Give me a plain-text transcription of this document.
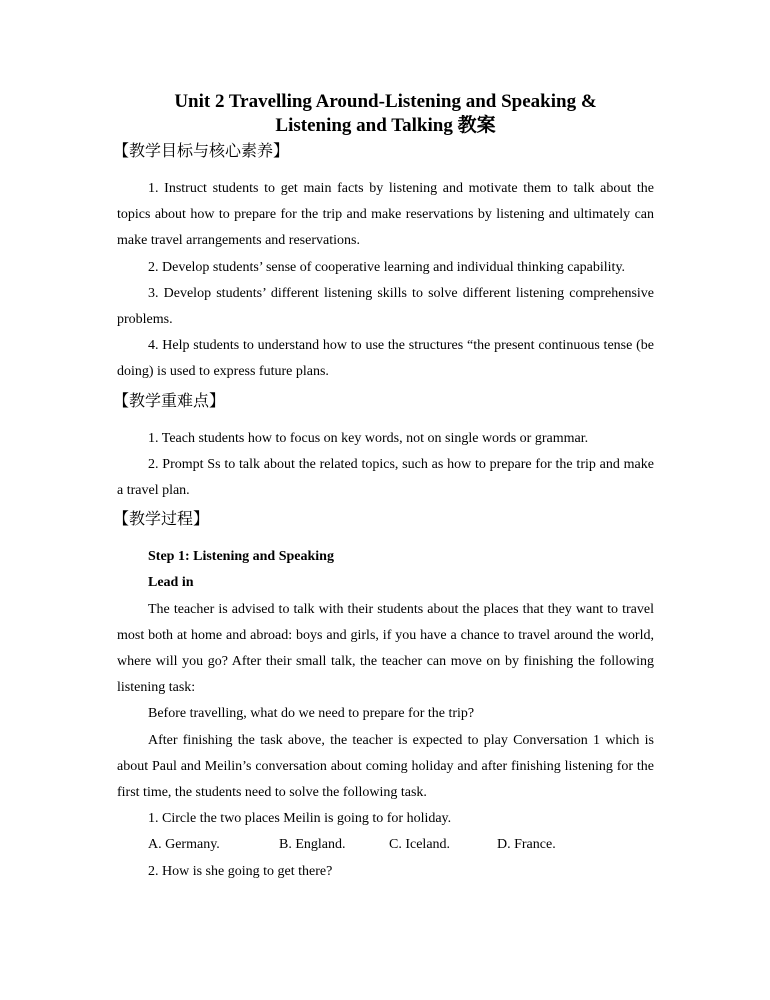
Unit 2 Travelling Around-Listening and Speaking &

Listening and Talking 教案

【教学目标与核心素养】

1. Instruct students to get main facts by listening and motivate them to talk about the topics about how to prepare for the trip and make reservations by listening and ultimately can make travel arrangements and reservations.

2. Develop students’ sense of cooperative learning and individual thinking capability.

3. Develop students’ different listening skills to solve different listening comprehensive problems.

4. Help students to understand how to use the structures “the present continuous tense (be doing) is used to express future plans.

【教学重难点】

1. Teach students how to focus on key words, not on single words or grammar.

2. Prompt Ss to talk about the related topics, such as how to prepare for the trip and make a travel plan.

【教学过程】

Step 1: Listening and Speaking

Lead in

The teacher is advised to talk with their students about the places that they want to travel most both at home and abroad: boys and girls, if you have a chance to travel around the world, where will you go? After their small talk, the teacher can move on by finishing the following listening task:

Before travelling, what do we need to prepare for the trip?

After finishing the task above, the teacher is expected to play Conversation 1 which is about Paul and Meilin’s conversation about coming holiday and after finishing listening for the first time, the students need to solve the following task.

1. Circle the two places Meilin is going to for holiday.

A. Germany.	B. England.	C. Iceland.	D. France.

2. How is she going to get there?
